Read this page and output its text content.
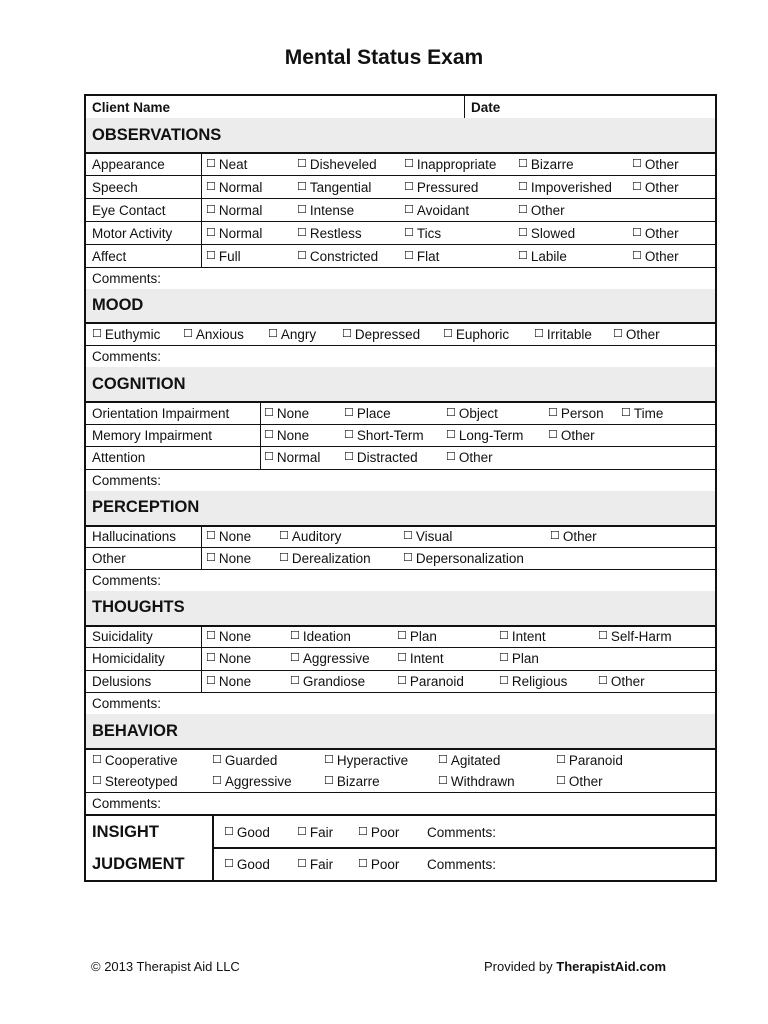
Mental Status Exam
Client Name	Date
OBSERVATIONS
Appearance	☐ Neat	☐ Disheveled ☐ Inappropriate ☐ Bizarre	☐ Other
Speech	☐ Normal	☐ Tangential	☐ Pressured	☐ Impoverished ☐ Other
Eye Contact	☐ Normal	☐ Intense	☐ Avoidant	☐ Other
Motor Activity	☐ Normal	☐ Restless	☐ Tics	☐ Slowed	☐ Other
Affect	☐ Full	☐ Constricted ☐ Flat	☐ Labile	☐ Other
Comments:
MOOD
☐ Euthymic ☐ Anxious ☐ Angry ☐ Depressed ☐ Euphoric ☐ Irritable ☐ Other
Comments:
COGNITION
Orientation Impairment	☐ None	☐ Place	☐ Object	☐ Person ☐ Time
Memory Impairment	☐ None	☐ Short-Term ☐ Long-Term ☐ Other
Attention	☐ Normal ☐ Distracted	☐ Other
Comments:
PERCEPTION
Hallucinations	☐ None	☐ Auditory	☐ Visual	☐ Other
Other	☐ None	☐ Derealization	☐ Depersonalization
Comments:
THOUGHTS
Suicidality	☐ None	☐ Ideation	☐ Plan	☐ Intent	☐ Self-Harm
Homicidality	☐ None	☐ Aggressive ☐ Intent	☐ Plan
Delusions	☐ None	☐ Grandiose	☐ Paranoid	☐ Religious	☐ Other
Comments:
BEHAVIOR
☐ Cooperative	☐ Guarded	☐ Hyperactive	☐ Agitated	☐ Paranoid
☐ Stereotyped	☐ Aggressive	☐ Bizarre	☐ Withdrawn	☐ Other
Comments:
INSIGHT	☐ Good ☐ Fair ☐ Poor Comments:
JUDGMENT	☐ Good ☐ Fair ☐ Poor Comments:
© 2013 Therapist Aid LLC	Provided by TherapistAid.com
